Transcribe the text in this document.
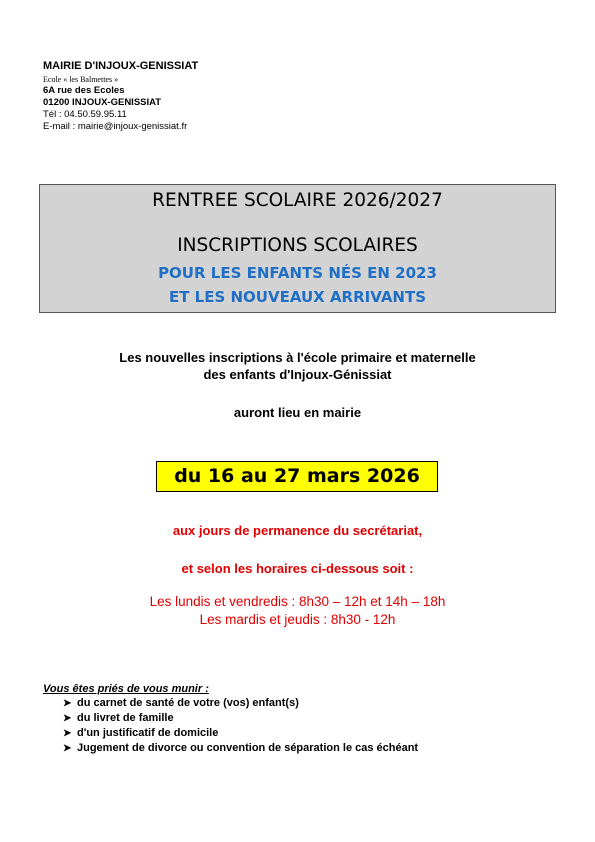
MAIRIE D'INJOUX-GENISSIAT
Ecole « les Balmettes »
6A rue des Ecoles
01200 INJOUX-GENISSIAT
Tél : 04.50.59.95.11
E-mail : mairie@injoux-genissiat.fr
RENTREE SCOLAIRE 2026/2027
INSCRIPTIONS SCOLAIRES
POUR LES ENFANTS NÉS EN 2023
ET LES NOUVEAUX ARRIVANTS
Les nouvelles inscriptions à l'école primaire et maternelle
des enfants d'Injoux-Génissiat
auront lieu en mairie
du 16 au 27 mars 2026
aux jours de permanence du secrétariat,
et selon les horaires ci-dessous soit :
Les lundis et vendredis : 8h30 – 12h et 14h – 18h
Les mardis et jeudis : 8h30 - 12h
Vous êtes priés de vous munir :
➤ du carnet de santé de votre (vos) enfant(s)
➤ du livret de famille
➤ d'un justificatif de domicile
➤ Jugement de divorce ou convention de séparation le cas échéant
